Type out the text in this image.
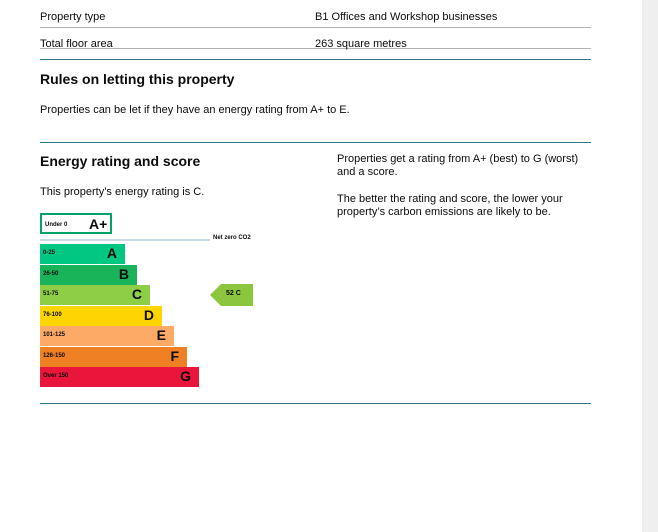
Property type	B1 Offices and Workshop businesses
Total floor area	263 square metres
Rules on letting this property

Properties can be let if they have an energy rating from A+ to E.

Energy rating and score

This property’s energy rating is C.

Properties get a rating from A+ (best) to G (worst) and a score.

The better the rating and score, the lower your property’s carbon emissions are likely to be.

Under 0 A+
Net zero CO2
0-25	A
26-50	B
51-75	C
76-100	D
101-125	E
126-150	F
Over 150	G
52 C
